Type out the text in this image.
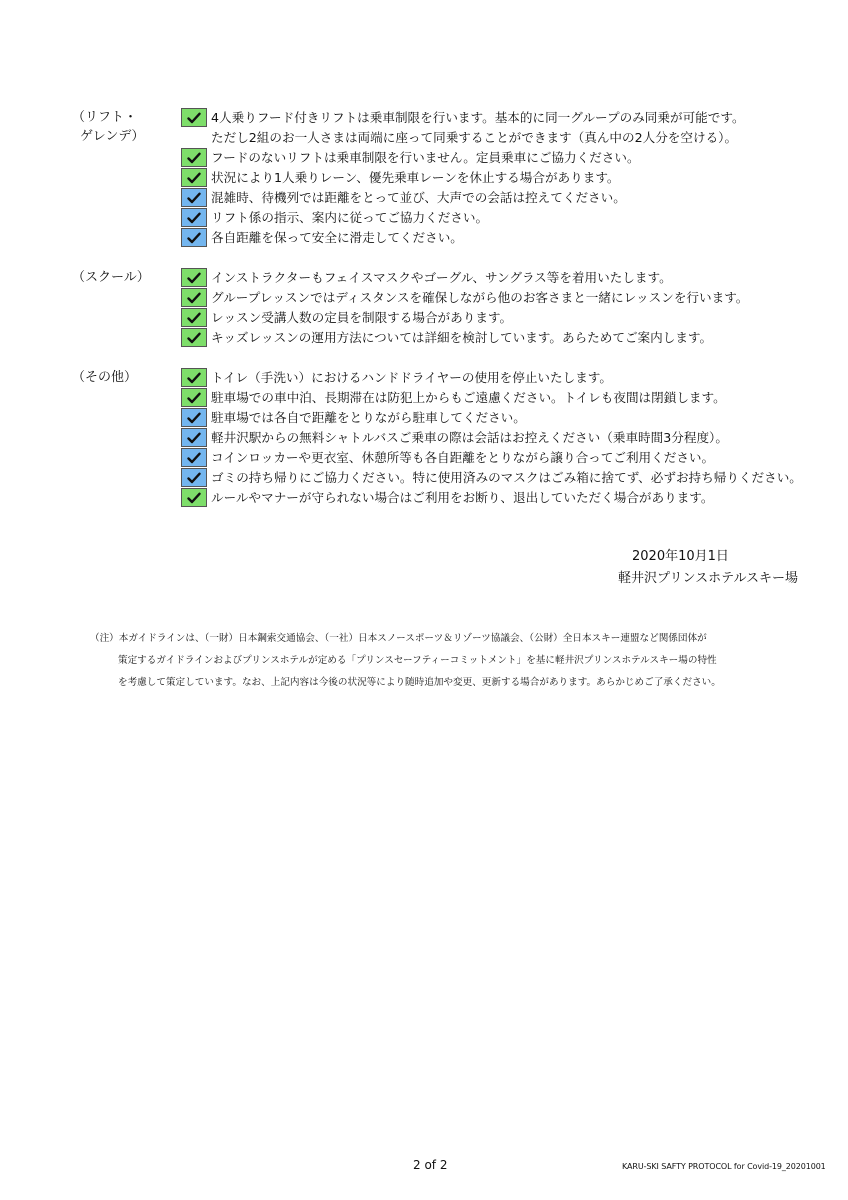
（リフト・
ゲレンデ）
4人乗りフード付きリフトは乗車制限を行います。基本的に同一グループのみ同乗が可能です。
ただし2組のお一人さまは両端に座って同乗することができます（真ん中の2人分を空ける）。
フードのないリフトは乗車制限を行いません。定員乗車にご協力ください。
状況により1人乗りレーン、優先乗車レーンを休止する場合があります。
混雑時、待機列では距離をとって並び、大声での会話は控えてください。
リフト係の指示、案内に従ってご協力ください。
各自距離を保って安全に滑走してください。
（スクール）	インストラクターもフェイスマスクやゴーグル、サングラス等を着用いたします。
グループレッスンではディスタンスを確保しながら他のお客さまと一緒にレッスンを行います。
レッスン受講人数の定員を制限する場合があります。
キッズレッスンの運用方法については詳細を検討しています。あらためてご案内します。
（その他）	トイレ（手洗い）におけるハンドドライヤーの使用を停止いたします。
駐車場での車中泊、長期滞在は防犯上からもご遠慮ください。トイレも夜間は閉鎖します。
駐車場では各自で距離をとりながら駐車してください。
軽井沢駅からの無料シャトルバスご乗車の際は会話はお控えください（乗車時間3分程度）。
コインロッカーや更衣室、休憩所等も各自距離をとりながら譲り合ってご利用ください。
ゴミの持ち帰りにご協力ください。特に使用済みのマスクはごみ箱に捨てず、必ずお持ち帰りください。
ルールやマナーが守られない場合はご利用をお断り、退出していただく場合があります。
2020年10月1日
軽井沢プリンスホテルスキー場
（注）本ガイドラインは、（一財）日本鋼索交通協会、（一社）日本スノースポーツ＆リゾーツ協議会、（公財）全日本スキー連盟など関係団体が
策定するガイドラインおよびプリンスホテルが定める「プリンスセーフティーコミットメント」を基に軽井沢プリンスホテルスキー場の特性
を考慮して策定しています。なお、上記内容は今後の状況等により随時追加や変更、更新する場合があります。あらかじめご了承ください。
2 of 2	KARU-SKI SAFTY PROTOCOL for Covid-19_20201001
